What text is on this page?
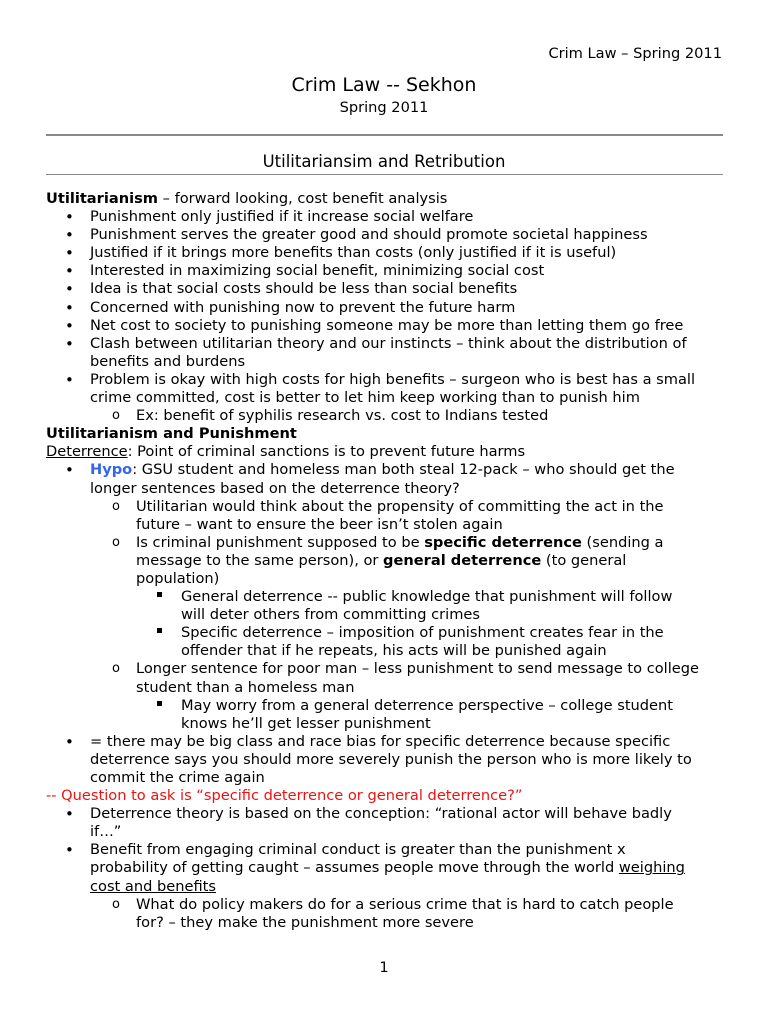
Crim Law – Spring 2011
Crim Law -- Sekhon
Spring 2011
Utilitariansim and Retribution
Utilitarianism – forward looking, cost benefit analysis
• Punishment only justified if it increase social welfare
• Punishment serves the greater good and should promote societal happiness
• Justified if it brings more benefits than costs (only justified if it is useful)
• Interested in maximizing social benefit, minimizing social cost
• Idea is that social costs should be less than social benefits
• Concerned with punishing now to prevent the future harm
• Net cost to society to punishing someone may be more than letting them go free
• Clash between utilitarian theory and our instincts – think about the distribution of
benefits and burdens
• Problem is okay with high costs for high benefits – surgeon who is best has a small
crime committed, cost is better to let him keep working than to punish him
o Ex: benefit of syphilis research vs. cost to Indians tested
Utilitarianism and Punishment
Deterrence: Point of criminal sanctions is to prevent future harms
• Hypo: GSU student and homeless man both steal 12-pack – who should get the
longer sentences based on the deterrence theory?
o Utilitarian would think about the propensity of committing the act in the
future – want to ensure the beer isn’t stolen again
o Is criminal punishment supposed to be specific deterrence (sending a
message to the same person), or general deterrence (to general
population)
General deterrence -- public knowledge that punishment will follow
will deter others from committing crimes
Specific deterrence – imposition of punishment creates fear in the
offender that if he repeats, his acts will be punished again
o Longer sentence for poor man – less punishment to send message to college
student than a homeless man
May worry from a general deterrence perspective – college student
knows he’ll get lesser punishment
• = there may be big class and race bias for specific deterrence because specific
deterrence says you should more severely punish the person who is more likely to
commit the crime again
-- Question to ask is “specific deterrence or general deterrence?”
• Deterrence theory is based on the conception: “rational actor will behave badly
if…”
• Benefit from engaging criminal conduct is greater than the punishment x
probability of getting caught – assumes people move through the world weighing
cost and benefits
o What do policy makers do for a serious crime that is hard to catch people
for? – they make the punishment more severe
1
